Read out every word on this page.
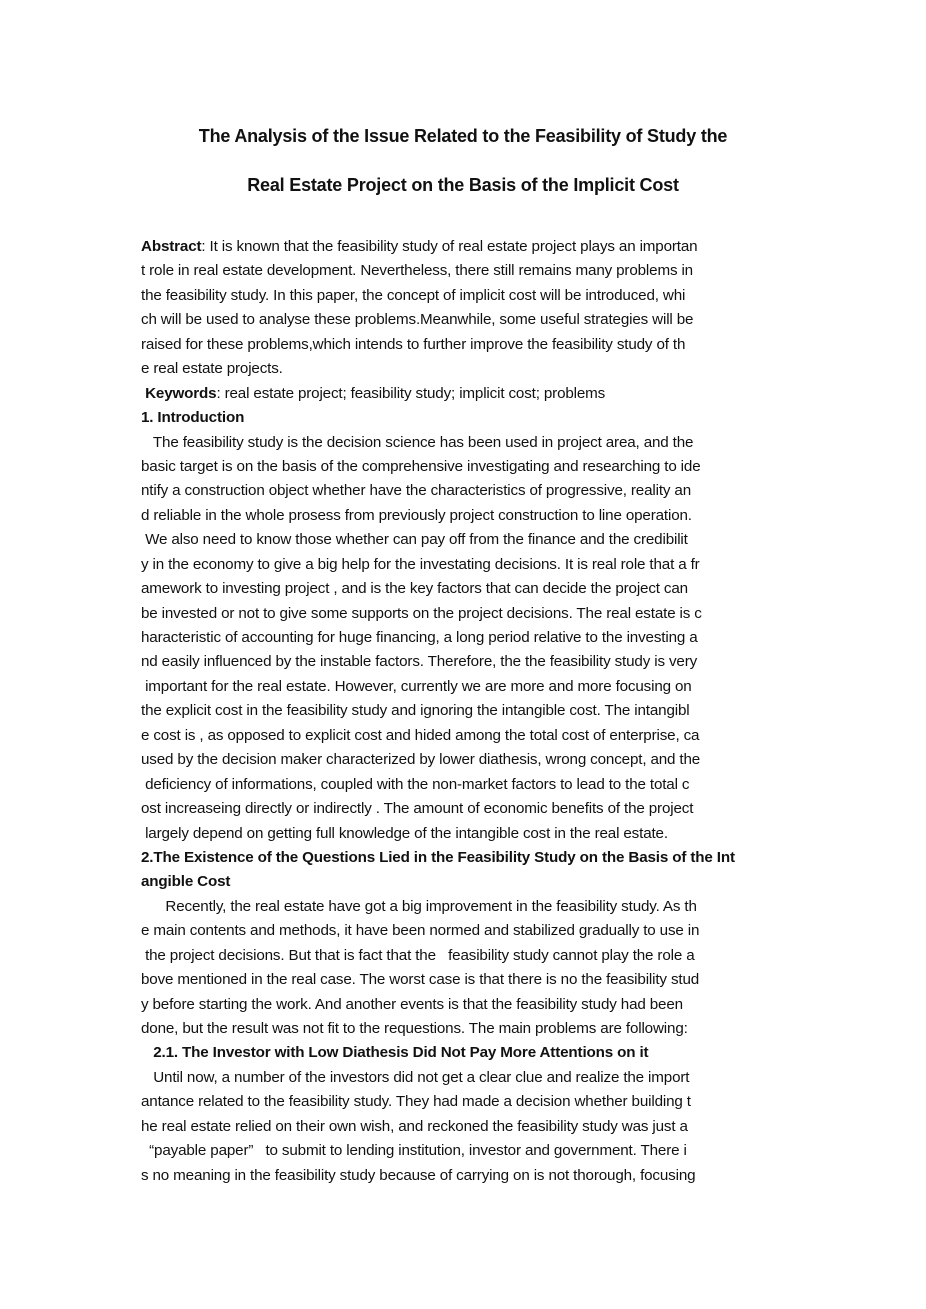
The Analysis of the Issue Related to the Feasibility of Study the
Real Estate Project on the Basis of the Implicit Cost
Abstract: It is known that the feasibility study of real estate project plays an importan
t role in real estate development. Nevertheless, there still remains many problems in
the feasibility study. In this paper, the concept of implicit cost will be introduced, whi
ch will be used to analyse these problems.Meanwhile, some useful strategies will be
raised for these problems,which intends to further improve the feasibility study of th
e real estate projects.
Keywords: real estate project; feasibility study; implicit cost; problems
1. Introduction
The feasibility study is the decision science has been used in project area, and the
basic target is on the basis of the comprehensive investigating and researching to ide
ntify a construction object whether have the characteristics of progressive, reality an
d reliable in the whole prosess from previously project construction to line operation.
We also need to know those whether can pay off from the finance and the credibilit
y in the economy to give a big help for the investating decisions. It is real role that a fr
amework to investing project , and is the key factors that can decide the project can
be invested or not to give some supports on the project decisions. The real estate is c
haracteristic of accounting for huge financing, a long period relative to the investing a
nd easily influenced by the instable factors. Therefore, the the feasibility study is very
important for the real estate. However, currently we are more and more focusing on
the explicit cost in the feasibility study and ignoring the intangible cost. The intangibl
e cost is , as opposed to explicit cost and hided among the total cost of enterprise, ca
used by the decision maker characterized by lower diathesis, wrong concept, and the
deficiency of informations, coupled with the non-market factors to lead to the total c
ost increaseing directly or indirectly . The amount of economic benefits of the project
largely depend on getting full knowledge of the intangible cost in the real estate.
2.The Existence of the Questions Lied in the Feasibility Study on the Basis of the Int
angible Cost
Recently, the real estate have got a big improvement in the feasibility study. As th
e main contents and methods, it have been normed and stabilized gradually to use in
the project decisions. But that is fact that the   feasibility study cannot play the role a
bove mentioned in the real case. The worst case is that there is no the feasibility stud
y before starting the work. And another events is that the feasibility study had been
done, but the result was not fit to the requestions. The main problems are following:
2.1. The Investor with Low Diathesis Did Not Pay More Attentions on it
Until now, a number of the investors did not get a clear clue and realize the import
antance related to the feasibility study. They had made a decision whether building t
he real estate relied on their own wish, and reckoned the feasibility study was just a
“payable paper”   to submit to lending institution, investor and government. There i
s no meaning in the feasibility study because of carrying on is not thorough, focusing
